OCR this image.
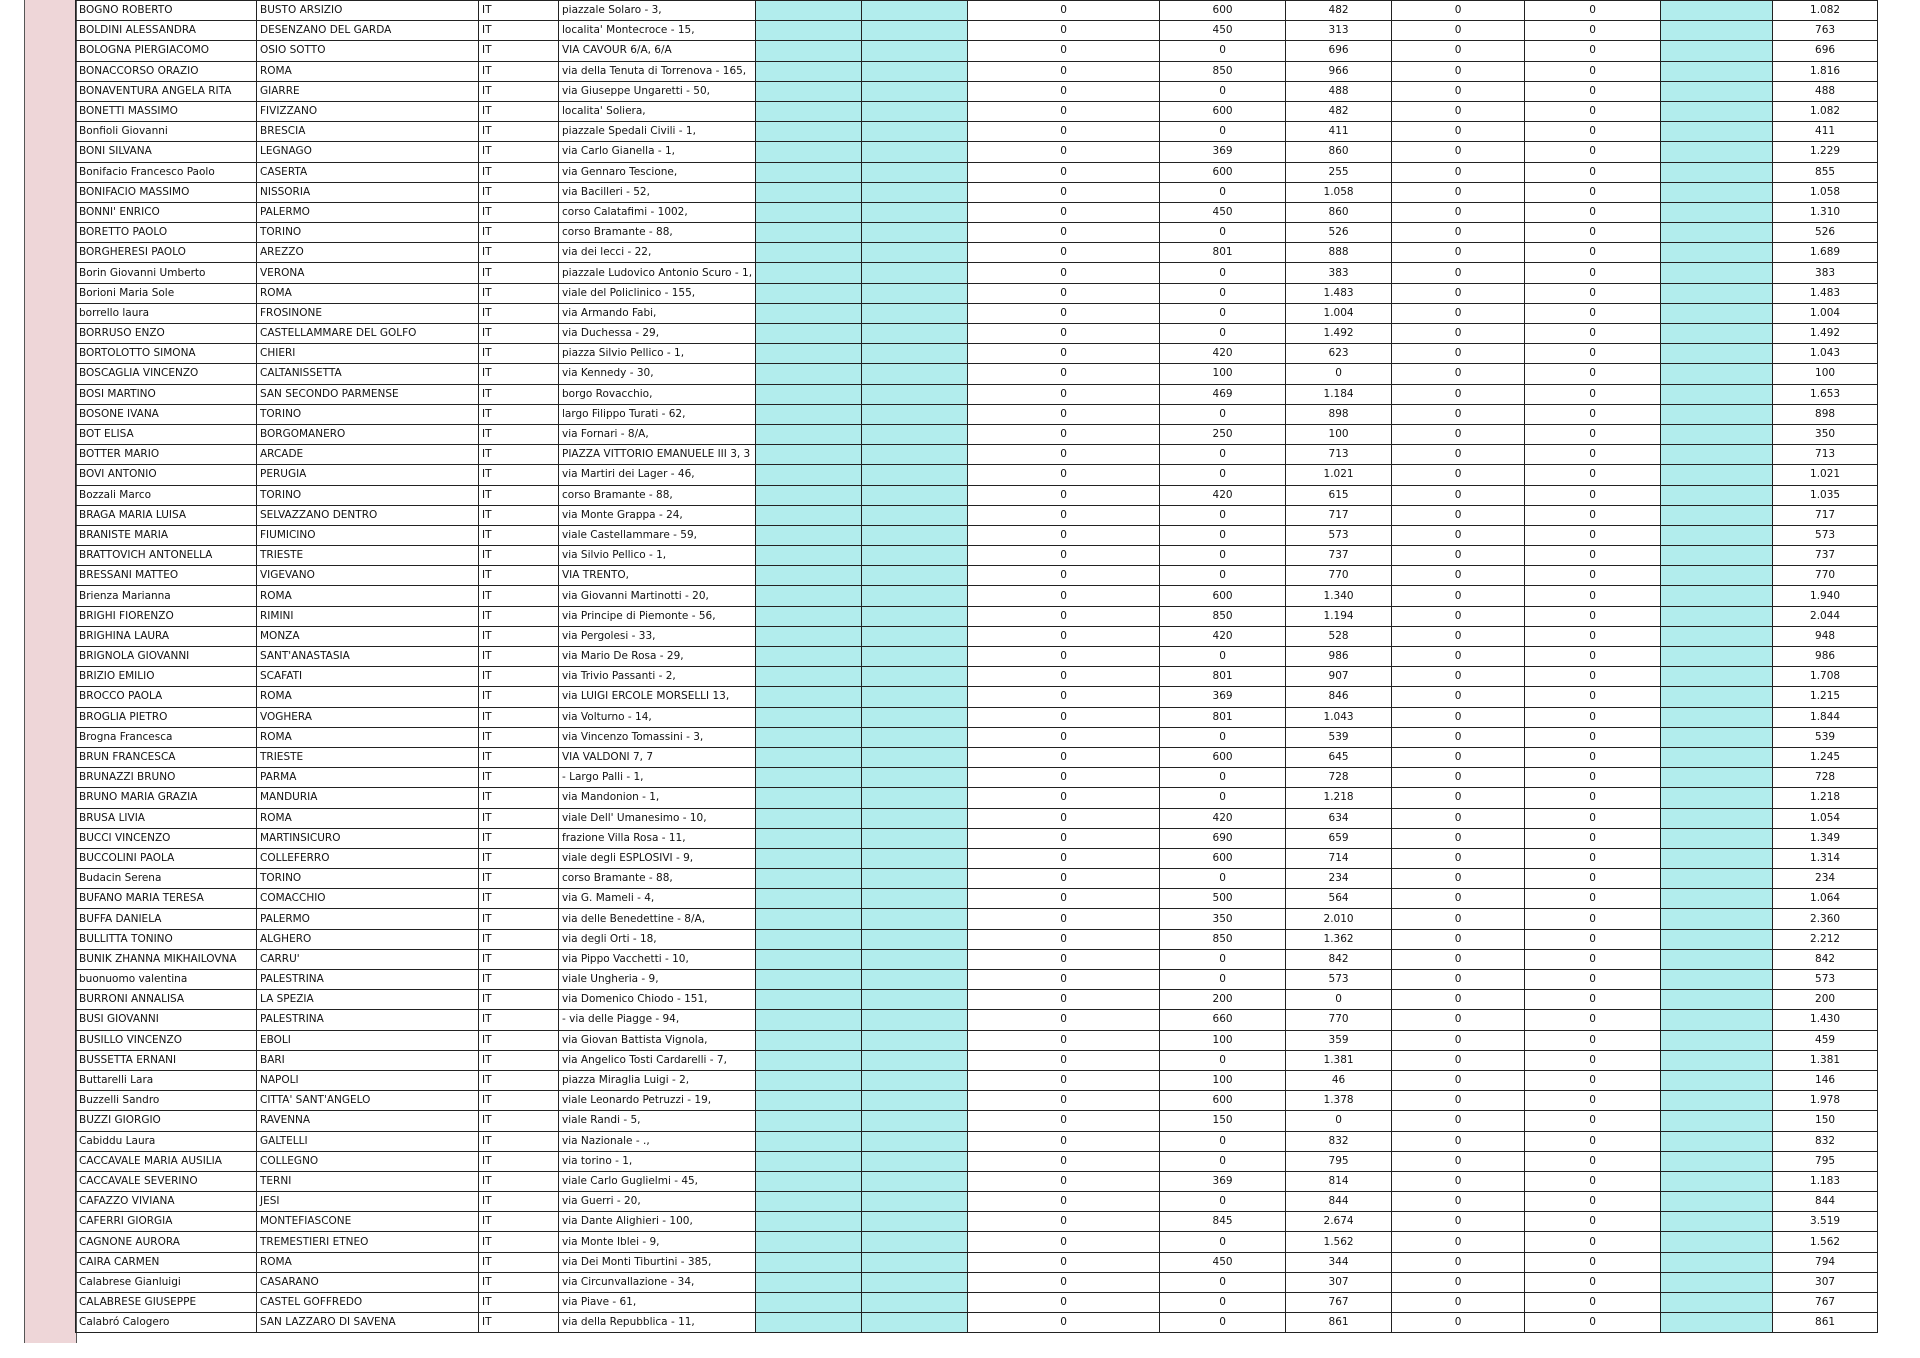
BOGNO ROBERTO	BUSTO ARSIZIO	IT	piazzale Solaro - 3,			0	600	482	0	0		1.082
BOLDINI ALESSANDRA	DESENZANO DEL GARDA	IT	localita' Montecroce - 15,			0	450	313	0	0		763
BOLOGNA PIERGIACOMO	OSIO SOTTO	IT	VIA CAVOUR 6/A, 6/A			0	0	696	0	0		696
BONACCORSO ORAZIO	ROMA	IT	via della Tenuta di Torrenova - 165,			0	850	966	0	0		1.816
BONAVENTURA ANGELA RITA	GIARRE	IT	via Giuseppe Ungaretti - 50,			0	0	488	0	0		488
BONETTI MASSIMO	FIVIZZANO	IT	localita' Soliera,			0	600	482	0	0		1.082
Bonfioli Giovanni	BRESCIA	IT	piazzale Spedali Civili - 1,			0	0	411	0	0		411
BONI SILVANA	LEGNAGO	IT	via Carlo Gianella - 1,			0	369	860	0	0		1.229
Bonifacio Francesco Paolo	CASERTA	IT	via Gennaro Tescione,			0	600	255	0	0		855
BONIFACIO MASSIMO	NISSORIA	IT	via Bacilleri - 52,			0	0	1.058	0	0		1.058
BONNI' ENRICO	PALERMO	IT	corso Calatafimi - 1002,			0	450	860	0	0		1.310
BORETTO PAOLO	TORINO	IT	corso Bramante - 88,			0	0	526	0	0		526
BORGHERESI PAOLO	AREZZO	IT	via dei lecci - 22,			0	801	888	0	0		1.689
Borin Giovanni Umberto	VERONA	IT	piazzale Ludovico Antonio Scuro - 1,			0	0	383	0	0		383
Borioni Maria Sole	ROMA	IT	viale del Policlinico - 155,			0	0	1.483	0	0		1.483
borrello laura	FROSINONE	IT	via Armando Fabi,			0	0	1.004	0	0		1.004
BORRUSO ENZO	CASTELLAMMARE DEL GOLFO	IT	via Duchessa - 29,			0	0	1.492	0	0		1.492
BORTOLOTTO SIMONA	CHIERI	IT	piazza Silvio Pellico - 1,			0	420	623	0	0		1.043
BOSCAGLIA VINCENZO	CALTANISSETTA	IT	via Kennedy - 30,			0	100	0	0	0		100
BOSI MARTINO	SAN SECONDO PARMENSE	IT	borgo Rovacchio,			0	469	1.184	0	0		1.653
BOSONE IVANA	TORINO	IT	largo Filippo Turati - 62,			0	0	898	0	0		898
BOT ELISA	BORGOMANERO	IT	via Fornari - 8/A,			0	250	100	0	0		350
BOTTER MARIO	ARCADE	IT	PIAZZA VITTORIO EMANUELE III 3, 3			0	0	713	0	0		713
BOVI ANTONIO	PERUGIA	IT	via Martiri dei Lager - 46,			0	0	1.021	0	0		1.021
Bozzali Marco	TORINO	IT	corso Bramante - 88,			0	420	615	0	0		1.035
BRAGA MARIA LUISA	SELVAZZANO DENTRO	IT	via Monte Grappa - 24,			0	0	717	0	0		717
BRANISTE MARIA	FIUMICINO	IT	viale Castellammare - 59,			0	0	573	0	0		573
BRATTOVICH ANTONELLA	TRIESTE	IT	via Silvio Pellico - 1,			0	0	737	0	0		737
BRESSANI MATTEO	VIGEVANO	IT	VIA TRENTO,			0	0	770	0	0		770
Brienza Marianna	ROMA	IT	via Giovanni Martinotti - 20,			0	600	1.340	0	0		1.940
BRIGHI FIORENZO	RIMINI	IT	via Principe di Piemonte - 56,			0	850	1.194	0	0		2.044
BRIGHINA LAURA	MONZA	IT	via Pergolesi - 33,			0	420	528	0	0		948
BRIGNOLA GIOVANNI	SANT'ANASTASIA	IT	via Mario De Rosa - 29,			0	0	986	0	0		986
BRIZIO EMILIO	SCAFATI	IT	via Trivio Passanti - 2,			0	801	907	0	0		1.708
BROCCO PAOLA	ROMA	IT	via LUIGI ERCOLE MORSELLI 13,			0	369	846	0	0		1.215
BROGLIA PIETRO	VOGHERA	IT	via Volturno - 14,			0	801	1.043	0	0		1.844
Brogna Francesca	ROMA	IT	via Vincenzo Tomassini - 3,			0	0	539	0	0		539
BRUN FRANCESCA	TRIESTE	IT	VIA VALDONI 7, 7			0	600	645	0	0		1.245
BRUNAZZI BRUNO	PARMA	IT	- Largo Palli - 1,			0	0	728	0	0		728
BRUNO MARIA GRAZIA	MANDURIA	IT	via Mandonion - 1,			0	0	1.218	0	0		1.218
BRUSA LIVIA	ROMA	IT	viale Dell' Umanesimo - 10,			0	420	634	0	0		1.054
BUCCI VINCENZO	MARTINSICURO	IT	frazione Villa Rosa - 11,			0	690	659	0	0		1.349
BUCCOLINI PAOLA	COLLEFERRO	IT	viale degli ESPLOSIVI - 9,			0	600	714	0	0		1.314
Budacin Serena	TORINO	IT	corso Bramante - 88,			0	0	234	0	0		234
BUFANO MARIA TERESA	COMACCHIO	IT	via G. Mameli - 4,			0	500	564	0	0		1.064
BUFFA DANIELA	PALERMO	IT	via delle Benedettine - 8/A,			0	350	2.010	0	0		2.360
BULLITTA TONINO	ALGHERO	IT	via degli Orti - 18,			0	850	1.362	0	0		2.212
BUNIK ZHANNA MIKHAILOVNA	CARRU'	IT	via Pippo Vacchetti - 10,			0	0	842	0	0		842
buonuomo valentina	PALESTRINA	IT	viale Ungheria - 9,			0	0	573	0	0		573
BURRONI ANNALISA	LA SPEZIA	IT	via Domenico Chiodo - 151,			0	200	0	0	0		200
BUSI GIOVANNI	PALESTRINA	IT	- via delle Piagge - 94,			0	660	770	0	0		1.430
BUSILLO VINCENZO	EBOLI	IT	via Giovan Battista Vignola,			0	100	359	0	0		459
BUSSETTA ERNANI	BARI	IT	via Angelico Tosti Cardarelli - 7,			0	0	1.381	0	0		1.381
Buttarelli Lara	NAPOLI	IT	piazza Miraglia Luigi - 2,			0	100	46	0	0		146
Buzzelli Sandro	CITTA' SANT'ANGELO	IT	viale Leonardo Petruzzi - 19,			0	600	1.378	0	0		1.978
BUZZI GIORGIO	RAVENNA	IT	viale Randi - 5,			0	150	0	0	0		150
Cabiddu Laura	GALTELLI	IT	via Nazionale - .,			0	0	832	0	0		832
CACCAVALE MARIA AUSILIA	COLLEGNO	IT	via torino - 1,			0	0	795	0	0		795
CACCAVALE SEVERINO	TERNI	IT	viale Carlo Guglielmi - 45,			0	369	814	0	0		1.183
CAFAZZO VIVIANA	JESI	IT	via Guerri - 20,			0	0	844	0	0		844
CAFERRI GIORGIA	MONTEFIASCONE	IT	via Dante Alighieri - 100,			0	845	2.674	0	0		3.519
CAGNONE AURORA	TREMESTIERI ETNEO	IT	via Monte Iblei - 9,			0	0	1.562	0	0		1.562
CAIRA CARMEN	ROMA	IT	via Dei Monti Tiburtini - 385,			0	450	344	0	0		794
Calabrese Gianluigi	CASARANO	IT	via Circunvallazione - 34,			0	0	307	0	0		307
CALABRESE GIUSEPPE	CASTEL GOFFREDO	IT	via Piave - 61,			0	0	767	0	0		767
Calabró Calogero	SAN LAZZARO DI SAVENA	IT	via della Repubblica - 11,			0	0	861	0	0		861
